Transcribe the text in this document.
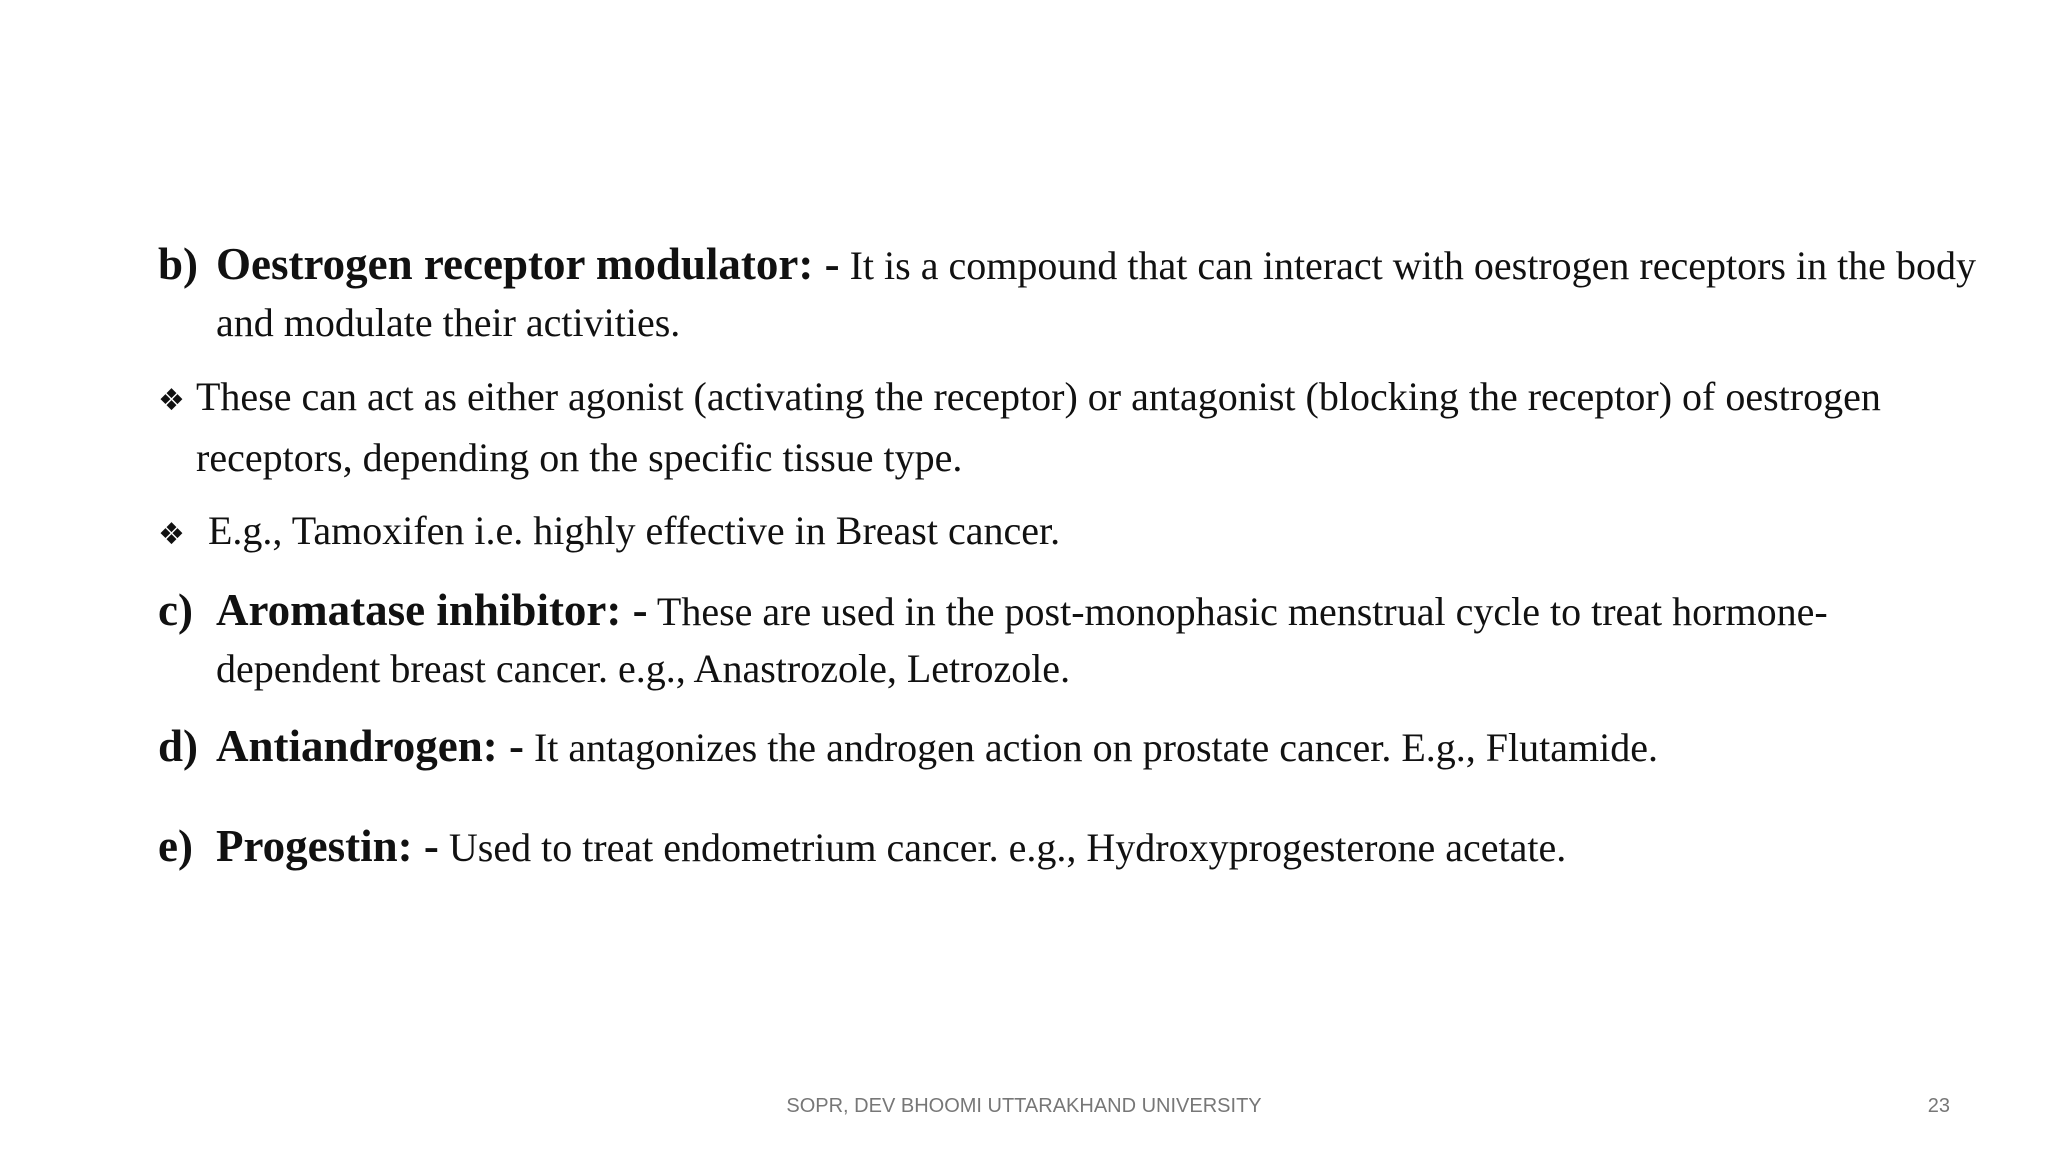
b) Oestrogen receptor modulator: - It is a compound that can interact with oestrogen receptors in the body and modulate their activities.
❖ These can act as either agonist (activating the receptor) or antagonist (blocking the receptor) of oestrogen receptors, depending on the specific tissue type.
❖ E.g., Tamoxifen i.e. highly effective in Breast cancer.
c) Aromatase inhibitor: - These are used in the post-monophasic menstrual cycle to treat hormone-dependent breast cancer. e.g., Anastrozole, Letrozole.
d) Antiandrogen: - It antagonizes the androgen action on prostate cancer. E.g., Flutamide.
e) Progestin: - Used to treat endometrium cancer. e.g., Hydroxyprogesterone acetate.
SOPR, DEV BHOOMI UTTARAKHAND UNIVERSITY	23
